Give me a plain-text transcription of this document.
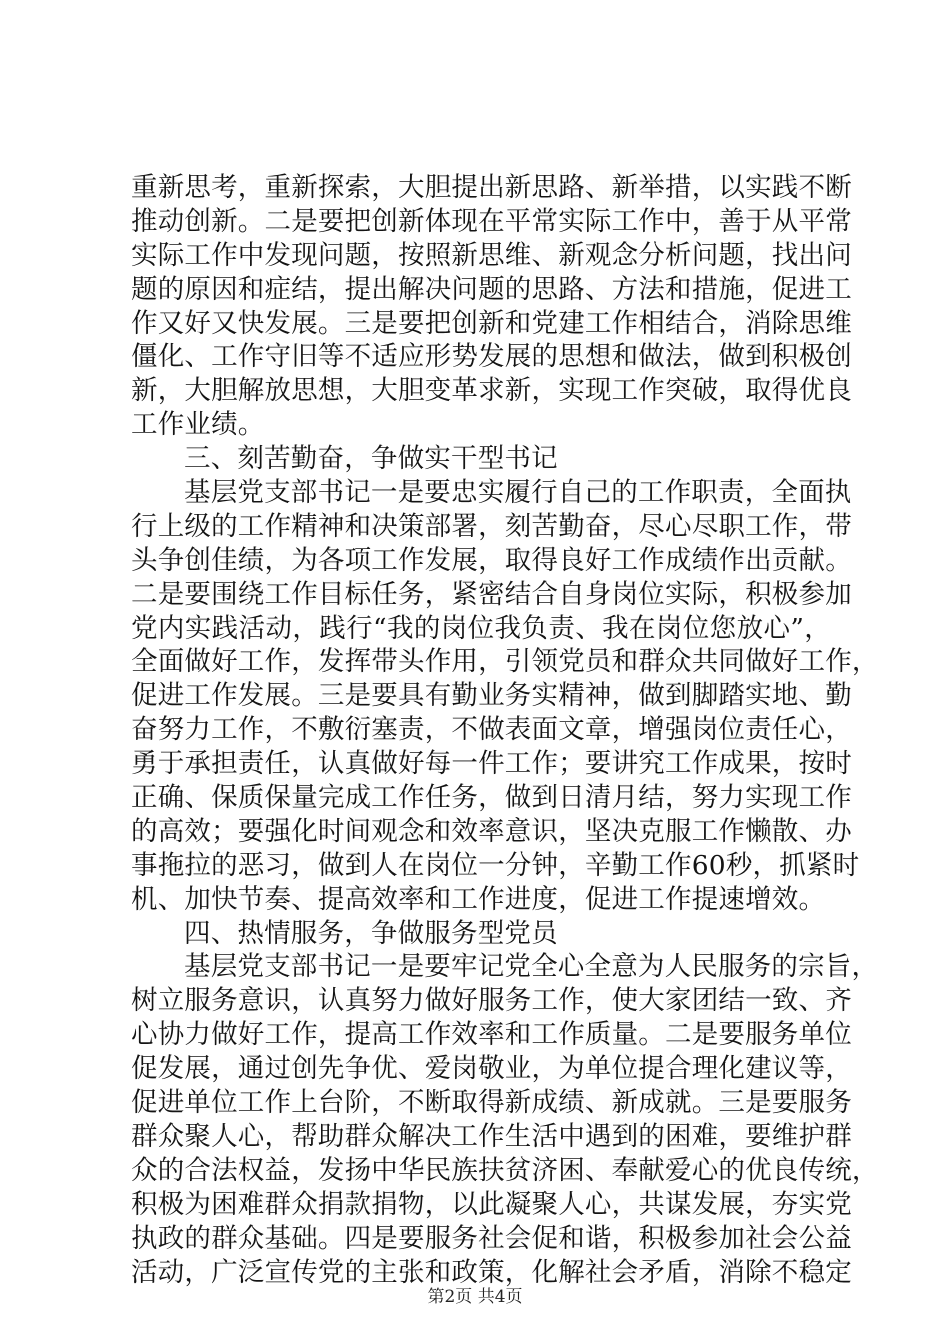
重新思考，重新探索，大胆提出新思路、新举措，以实践不断
推动创新。二是要把创新体现在平常实际工作中，善于从平常
实际工作中发现问题，按照新思维、新观念分析问题，找出问
题的原因和症结，提出解决问题的思路、方法和措施，促进工
作又好又快发展。三是要把创新和党建工作相结合，消除思维
僵化、工作守旧等不适应形势发展的思想和做法，做到积极创
新，大胆解放思想，大胆变革求新，实现工作突破，取得优良
工作业绩。
三、刻苦勤奋，争做实干型书记
基层党支部书记一是要忠实履行自己的工作职责，全面执
行上级的工作精神和决策部署，刻苦勤奋，尽心尽职工作，带
头争创佳绩，为各项工作发展，取得良好工作成绩作出贡献。
二是要围绕工作目标任务，紧密结合自身岗位实际，积极参加
党内实践活动，践行“我的岗位我负责、我在岗位您放心”，
全面做好工作，发挥带头作用，引领党员和群众共同做好工作，
促进工作发展。三是要具有勤业务实精神，做到脚踏实地、勤
奋努力工作，不敷衍塞责，不做表面文章，增强岗位责任心，
勇于承担责任，认真做好每一件工作；要讲究工作成果，按时
正确、保质保量完成工作任务，做到日清月结，努力实现工作
的高效；要强化时间观念和效率意识，坚决克服工作懒散、办
事拖拉的恶习，做到人在岗位一分钟，辛勤工作60秒，抓紧时
机、加快节奏、提高效率和工作进度，促进工作提速增效。
四、热情服务，争做服务型党员
基层党支部书记一是要牢记党全心全意为人民服务的宗旨，
树立服务意识，认真努力做好服务工作，使大家团结一致、齐
心协力做好工作，提高工作效率和工作质量。二是要服务单位
促发展，通过创先争优、爱岗敬业，为单位提合理化建议等，
促进单位工作上台阶，不断取得新成绩、新成就。三是要服务
群众聚人心，帮助群众解决工作生活中遇到的困难，要维护群
众的合法权益，发扬中华民族扶贫济困、奉献爱心的优良传统，
积极为困难群众捐款捐物，以此凝聚人心，共谋发展，夯实党
执政的群众基础。四是要服务社会促和谐，积极参加社会公益
活动，广泛宣传党的主张和政策，化解社会矛盾，消除不稳定
第2页 共4页
